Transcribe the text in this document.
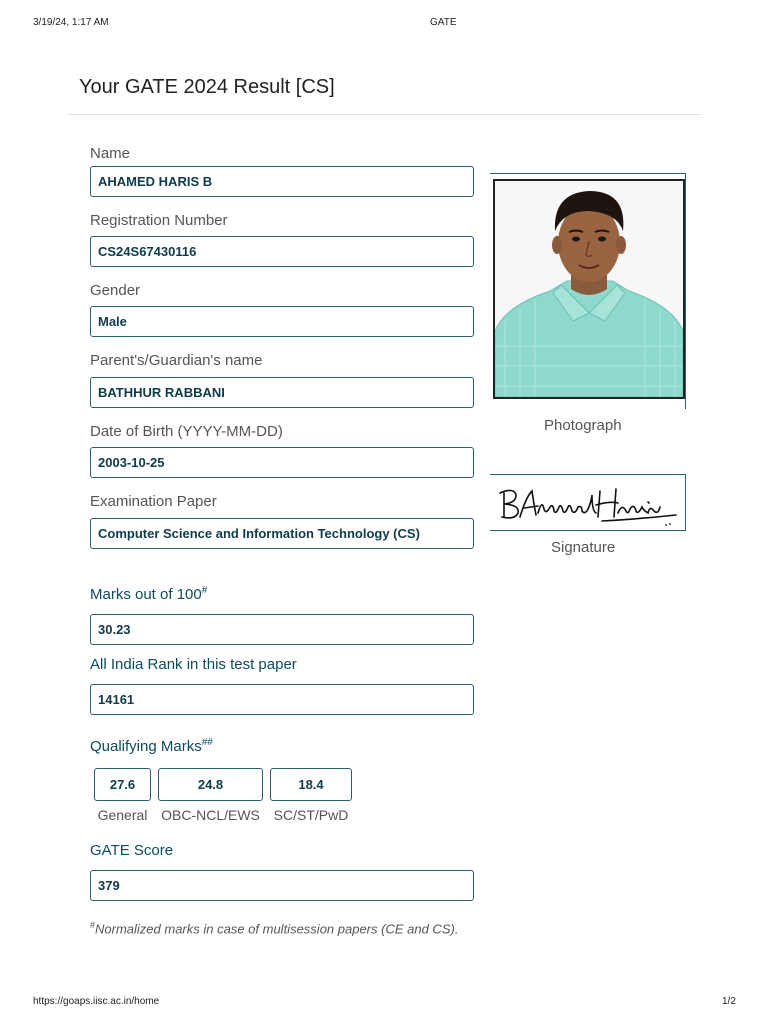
3/19/24, 1:17 AM	GATE
https://goaps.iisc.ac.in/home	1/2
Your GATE 2024 Result [CS]
Name
AHAMED HARIS B
Registration Number
CS24S67430116
Gender
Male
Parent's/Guardian's name
BATHHUR RABBANI
Date of Birth (YYYY-MM-DD)
2003-10-25
Examination Paper
Computer Science and Information Technology (CS)
Marks out of 100#
30.23
All India Rank in this test paper
14161
Qualifying Marks##
27.6	24.8	18.4
General OBC-NCL/EWS SC/ST/PwD
GATE Score
379
#Normalized marks in case of multisession papers (CE and CS).
Photograph
Signature
